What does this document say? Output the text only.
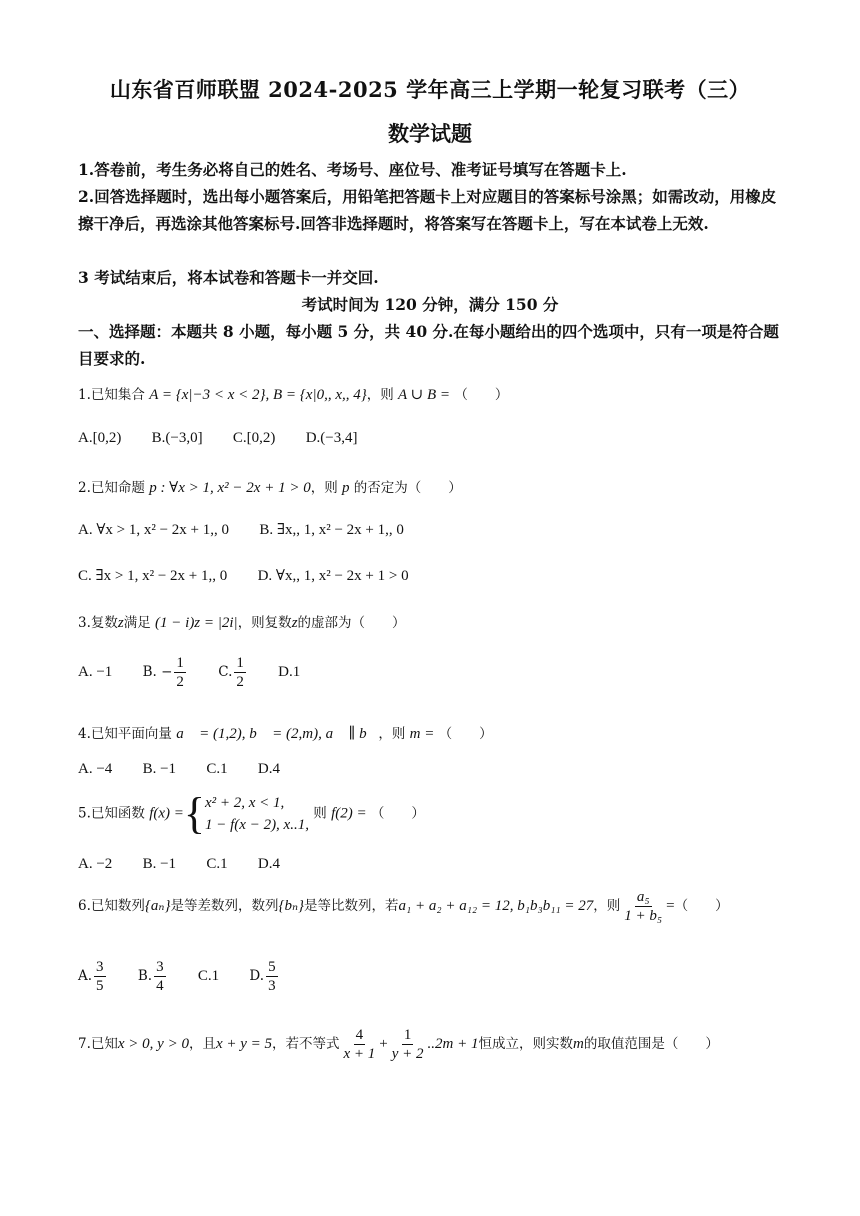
山东省百师联盟 2024-2025 学年高三上学期一轮复习联考（三）
数学试题
1.答卷前，考生务必将自己的姓名、考场号、座位号、准考证号填写在答题卡上.
2.回答选择题时，选出每小题答案后，用铅笔把答题卡上对应题目的答案标号涂黑；如需改动，用橡皮擦干净后，再选涂其他答案标号.回答非选择题时，将答案写在答题卡上，写在本试卷上无效.
3 考试结束后，将本试卷和答题卡一并交回.
考试时间为 120 分钟，满分 150 分
一、选择题：本题共 8 小题，每小题 5 分，共 40 分.在每小题给出的四个选项中，只有一项是符合题目要求的.
1.已知集合 A = {x|−3 < x < 2}, B = {x|0,, x,, 4}，则 A ∪ B = （　　）
A.[0,2) B.(−3,0] C.[0,2) D.(−3,4]
2.已知命题 p : ∀x > 1, x² − 2x + 1 > 0，则 p 的否定为（　　）
A. ∀x > 1, x² − 2x + 1,, 0 B. ∃x,, 1, x² − 2x + 1,, 0
C. ∃x > 1, x² − 2x + 1,, 0 D. ∀x,, 1, x² − 2x + 1 > 0
3.复数z满足 (1 − i)z = |2i|，则复数z的虚部为（　　）
A. −1 B. − $\frac{1}{2} C$. $\frac{1}{2} D.1$
4.已知平面向量 a⃗ = (1,2), b⃗ = (2,m), a⃗ ∥ b⃗，则 m = （　　）
A. −4 B. −1 C.1 D.4
5.已知函数 f(x) ={ x² + 2, x < 1,
1 − f(x − 2), x..1,
则 f(2) = （　　）
A. −2 B. −1 C.1 D.4
6.已知数列{aₙ}是等差数列，数列{bₙ}是等比数列，若a₁ + a₂ + a₁₂ = 12, b₁b₃b₁₁ = 27，则 $\frac{\text{a₅}}{\text{1 + b₅}}$ =（　　）
A. $\frac{3}{5} B$. $\frac{3}{4} C.1$ D. $\frac{5}{3}$
7.已知x > 0, y > 0，且x + y = 5，若不等式 $\frac{4}{x + 1} + \frac{1}{y + 2} ..2m + 1$恒成立，则实数m的取值范围是（　　）
